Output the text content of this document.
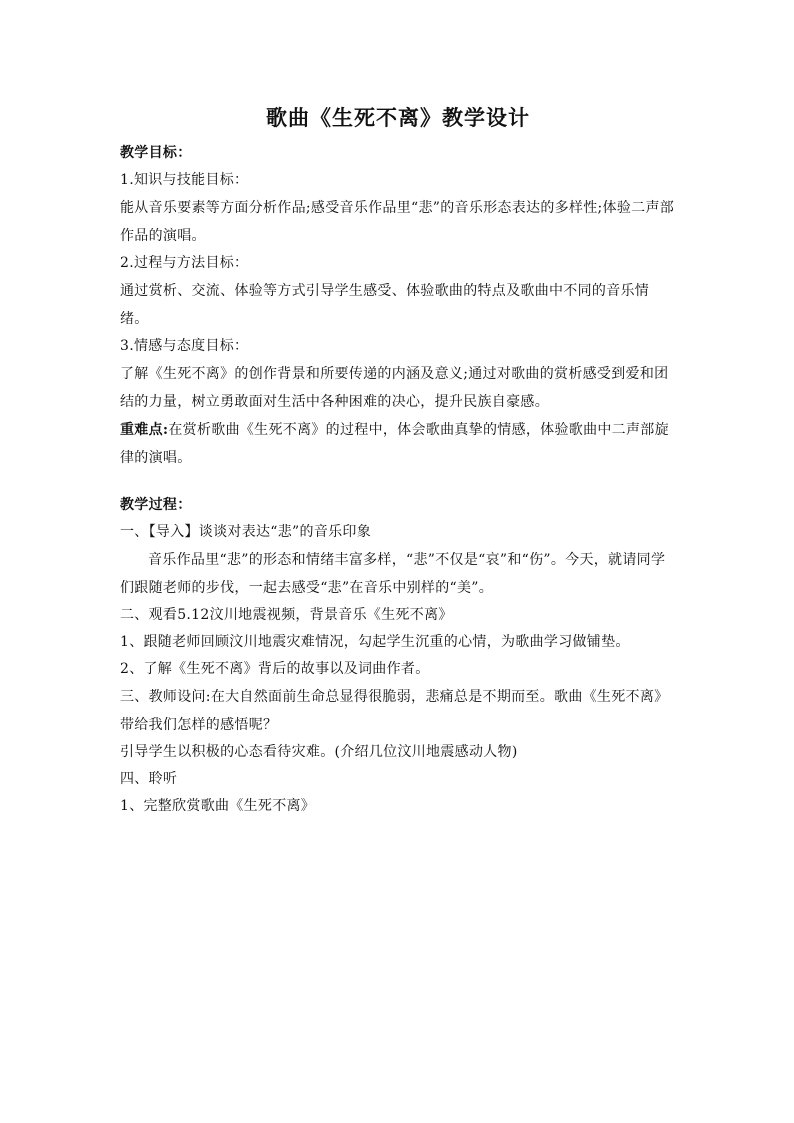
歌曲《生死不离》教学设计

教学目标：

1.知识与技能目标：

能从音乐要素等方面分析作品;感受音乐作品里“悲”的音乐形态表达的多样性;体验二声部作品的演唱。

2.过程与方法目标：

通过赏析、交流、体验等方式引导学生感受、体验歌曲的特点及歌曲中不同的音乐情绪。

3.情感与态度目标：

了解《生死不离》的创作背景和所要传递的内涵及意义;通过对歌曲的赏析感受到爱和团结的力量，树立勇敢面对生活中各种困难的决心，提升民族自豪感。

重难点:在赏析歌曲《生死不离》的过程中，体会歌曲真挚的情感，体验歌曲中二声部旋律的演唱。

教学过程：

一、【导入】谈谈对表达“悲”的音乐印象

音乐作品里“悲”的形态和情绪丰富多样，“悲”不仅是“哀”和“伤”。今天，就请同学们跟随老师的步伐，一起去感受“悲”在音乐中别样的“美”。

二、观看5.12汶川地震视频，背景音乐《生死不离》

1、跟随老师回顾汶川地震灾难情况，勾起学生沉重的心情，为歌曲学习做铺垫。

2、了解《生死不离》背后的故事以及词曲作者。

三、教师设问:在大自然面前生命总显得很脆弱，悲痛总是不期而至。歌曲《生死不离》带给我们怎样的感悟呢？

引导学生以积极的心态看待灾难。(介绍几位汶川地震感动人物)

四、聆听

1、完整欣赏歌曲《生死不离》
